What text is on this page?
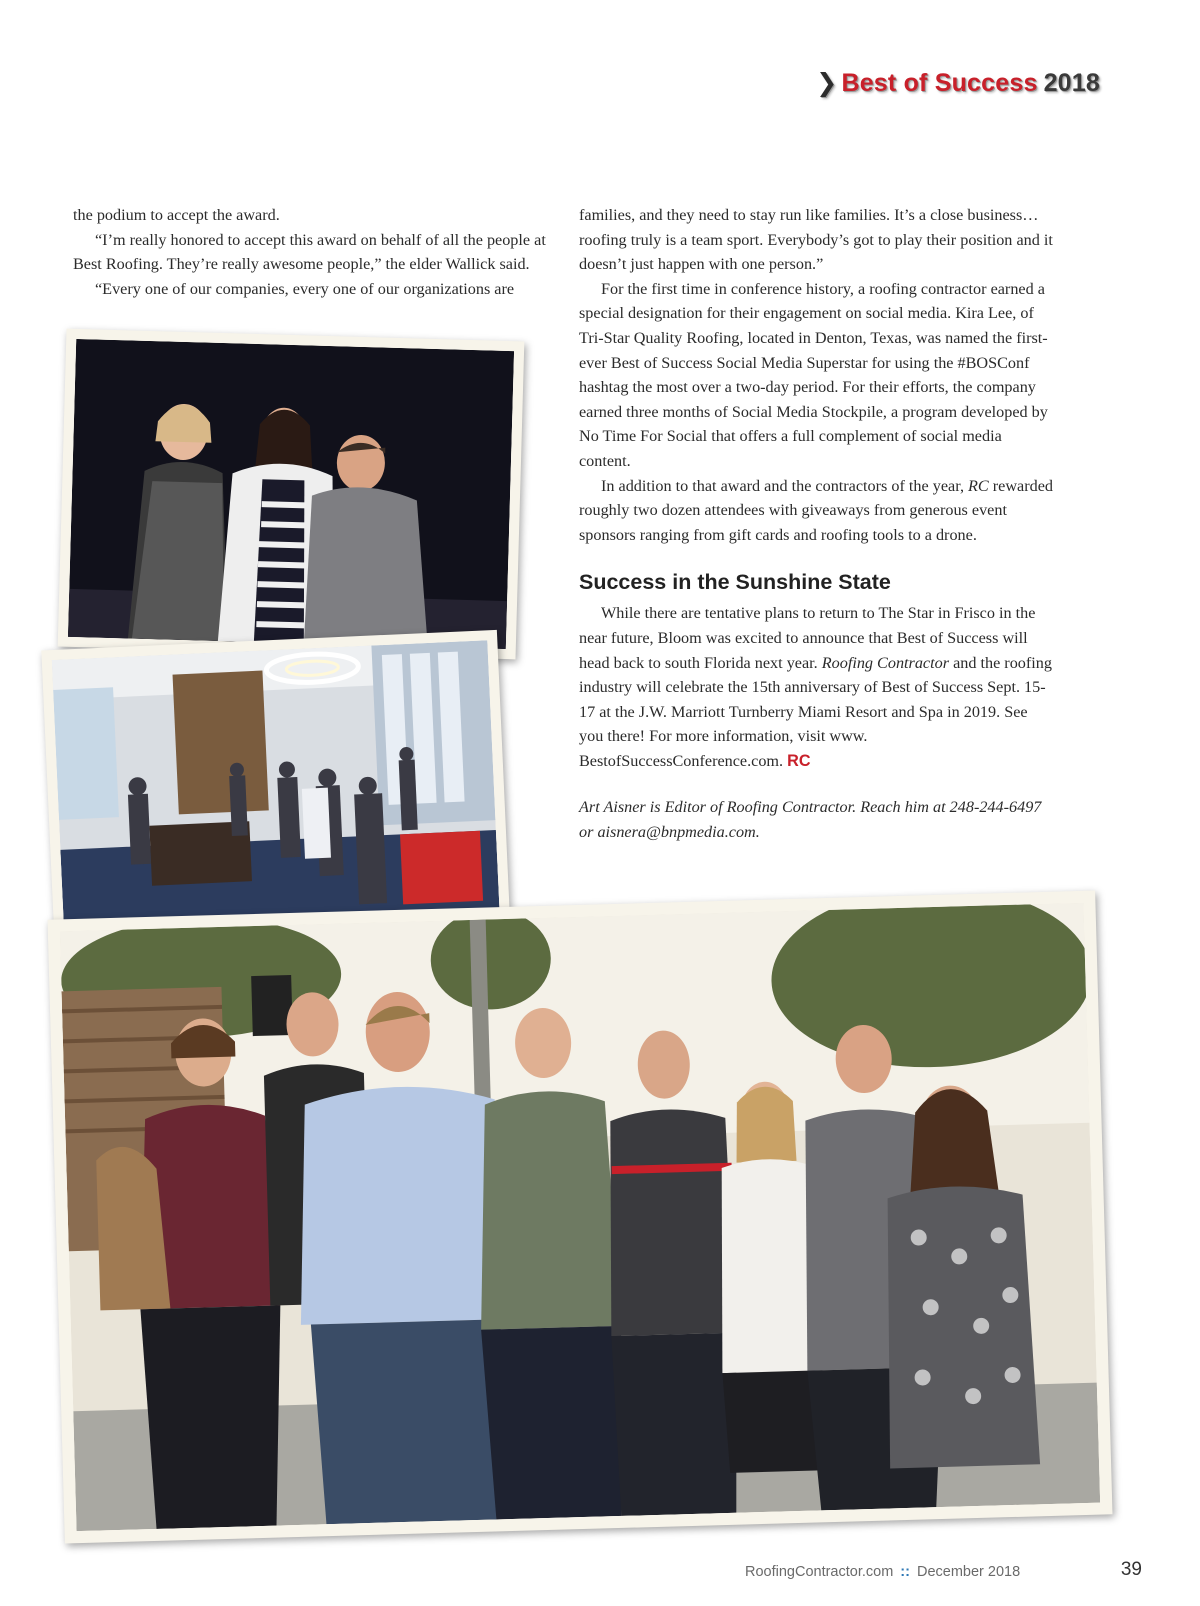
❯ Best of Success 2018

the podium to accept the award.

“I’m really honored to accept this award on behalf of all the people at Best Roofing. They’re really awesome people,” the elder Wallick said.

“Every one of our companies, every one of our organizations are

families, and they need to stay run like families. It’s a close business… roofing truly is a team sport. Everybody’s got to play their position and it doesn’t just happen with one person.”

For the first time in conference history, a roofing contractor earned a special designation for their engagement on social media. Kira Lee, of Tri-Star Quality Roofing, located in Denton, Texas, was named the first-ever Best of Success Social Media Superstar for using the #BOSConf hashtag the most over a two-day period. For their efforts, the company earned three months of Social Media Stockpile, a program developed by No Time For Social that offers a full complement of social media content.

In addition to that award and the contractors of the year, RC rewarded roughly two dozen attendees with giveaways from generous event sponsors ranging from gift cards and roofing tools to a drone.

Success in the Sunshine State

While there are tentative plans to return to The Star in Frisco in the near future, Bloom was excited to announce that Best of Success will head back to south Florida next year. Roofing Contractor and the roofing industry will celebrate the 15th anniversary of Best of Success Sept. 15-17 at the J.W. Marriott Turnberry Miami Resort and Spa in 2019. See you there! For more information, visit www. BestofSuccessConference.com. RC

Art Aisner is Editor of Roofing Contractor. Reach him at 248-244-6497 or aisnera@bnpmedia.com.

RoofingContractor.com :: December 2018	39
